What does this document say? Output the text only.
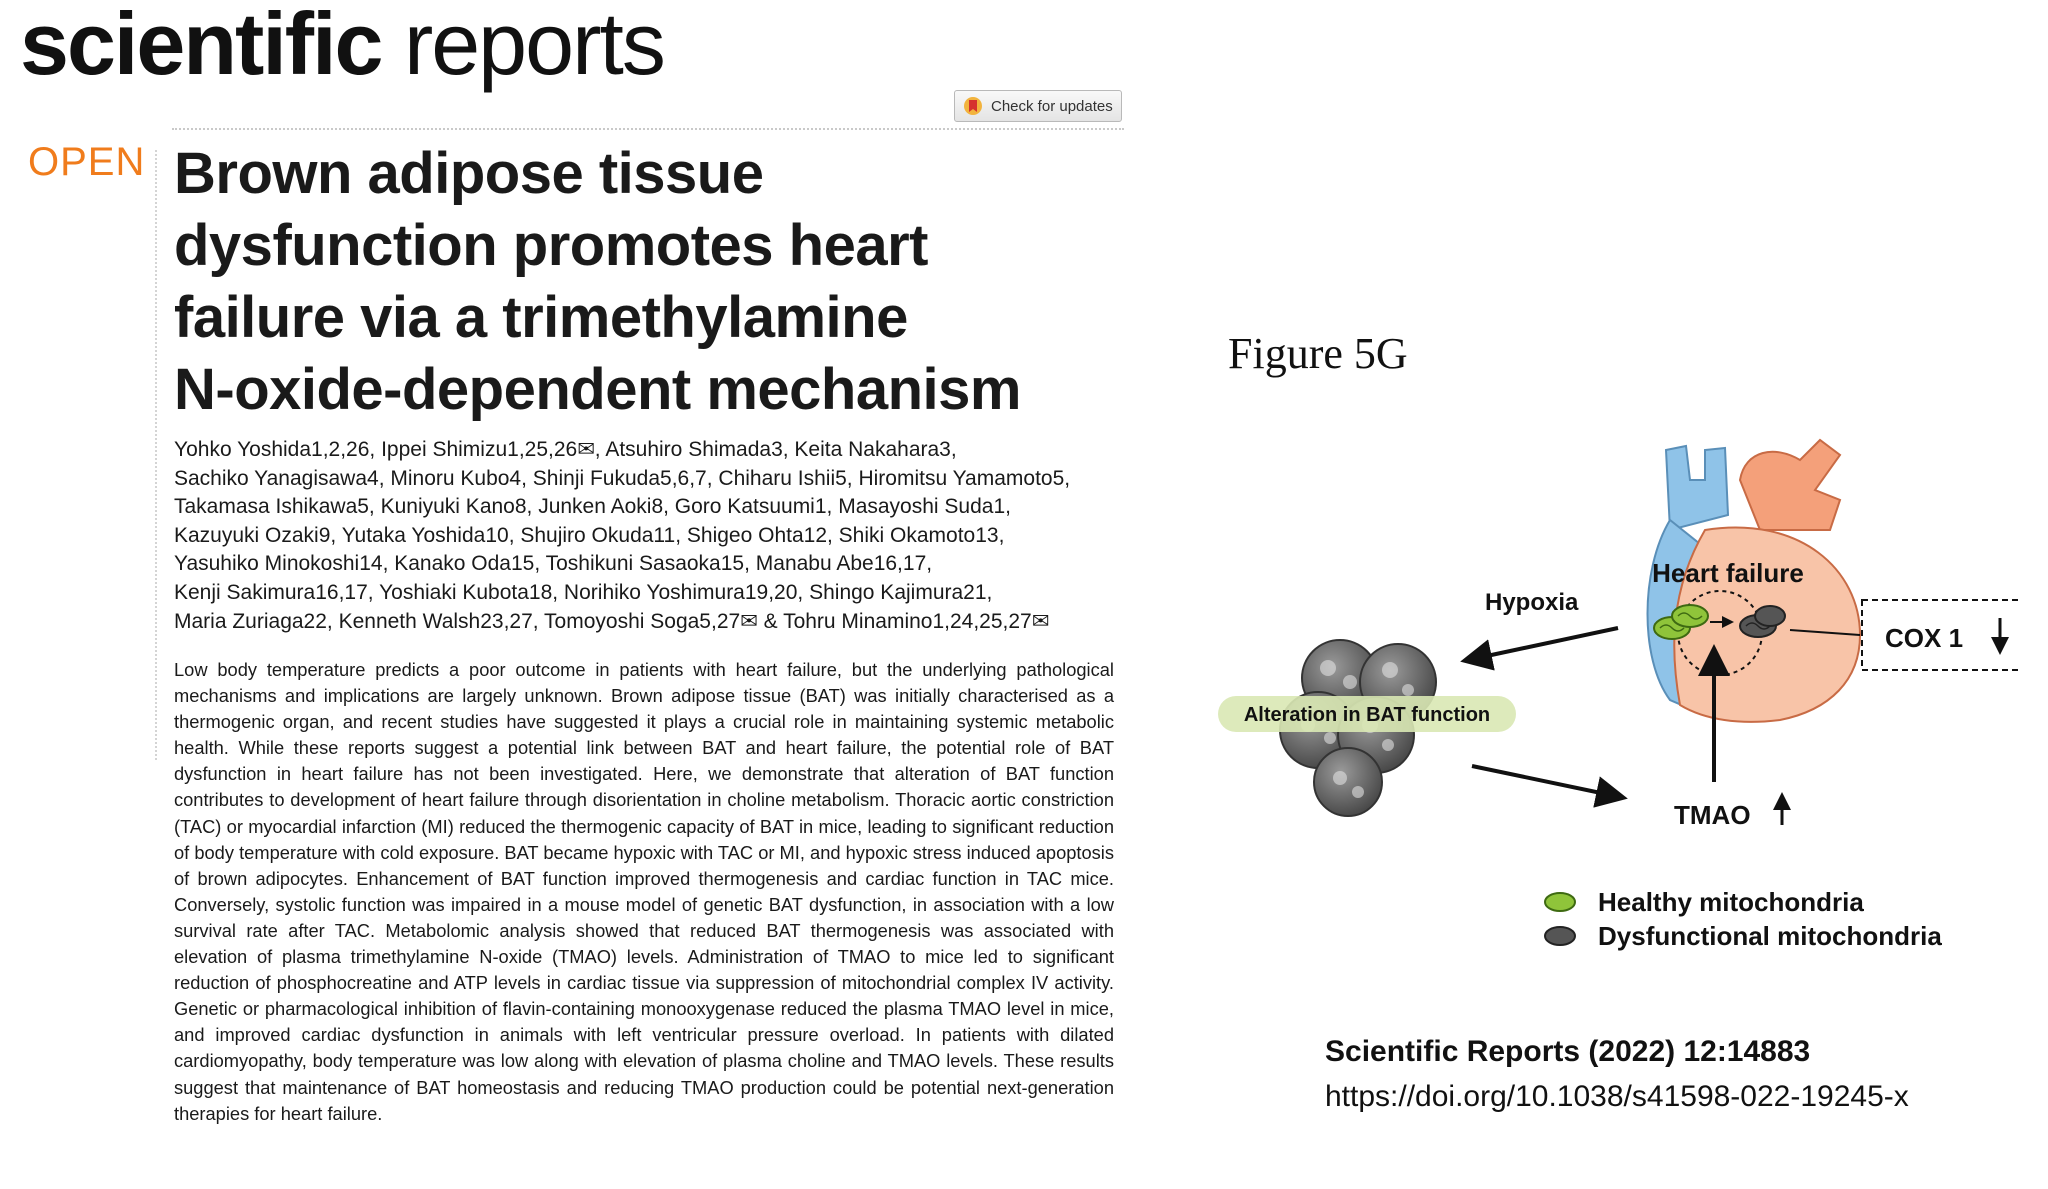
scientific reports
Check for updates
OPEN Brown adipose tissue
dysfunction promotes heart
failure via a trimethylamine
N-oxide-dependent mechanism
Yohko Yoshida1,2,26, Ippei Shimizu1,25,26✉, Atsuhiro Shimada3, Keita Nakahara3,
Sachiko Yanagisawa4, Minoru Kubo4, Shinji Fukuda5,6,7, Chiharu Ishii5, Hiromitsu Yamamoto5,
Takamasa Ishikawa5, Kuniyuki Kano8, Junken Aoki8, Goro Katsuumi1, Masayoshi Suda1,
Kazuyuki Ozaki9, Yutaka Yoshida10, Shujiro Okuda11, Shigeo Ohta12, Shiki Okamoto13,
Yasuhiko Minokoshi14, Kanako Oda15, Toshikuni Sasaoka15, Manabu Abe16,17,
Kenji Sakimura16,17, Yoshiaki Kubota18, Norihiko Yoshimura19,20, Shingo Kajimura21,
Maria Zuriaga22, Kenneth Walsh23,27, Tomoyoshi Soga5,27✉ & Tohru Minamino1,24,25,27✉

Low body temperature predicts a poor outcome in patients with heart failure, but the underlying pathological mechanisms and implications are largely unknown. Brown adipose tissue (BAT) was initially characterised as a thermogenic organ, and recent studies have suggested it plays a crucial role in maintaining systemic metabolic health. While these reports suggest a potential link between BAT and heart failure, the potential role of BAT dysfunction in heart failure has not been investigated. Here, we demonstrate that alteration of BAT function contributes to development of heart failure through disorientation in choline metabolism. Thoracic aortic constriction (TAC) or myocardial infarction (MI) reduced the thermogenic capacity of BAT in mice, leading to significant reduction of body temperature with cold exposure. BAT became hypoxic with TAC or MI, and hypoxic stress induced apoptosis of brown adipocytes. Enhancement of BAT function improved thermogenesis and cardiac function in TAC mice. Conversely, systolic function was impaired in a mouse model of genetic BAT dysfunction, in association with a low survival rate after TAC. Metabolomic analysis showed that reduced BAT thermogenesis was associated with elevation of plasma trimethylamine N-oxide (TMAO) levels. Administration of TMAO to mice led to significant reduction of phosphocreatine and ATP levels in cardiac tissue via suppression of mitochondrial complex IV activity. Genetic or pharmacological inhibition of flavin-containing monooxygenase reduced the plasma TMAO level in mice, and improved cardiac dysfunction in animals with left ventricular pressure overload. In patients with dilated cardiomyopathy, body temperature was low along with elevation of plasma choline and TMAO levels. These results suggest that maintenance of BAT homeostasis and reducing TMAO production could be potential next-generation therapies for heart failure.

Figure 5G
Heart failure
COX 1
Hypoxia
Alteration in BAT function
TMAO
Healthy mitochondria
Dysfunctional mitochondria
Scientific Reports (2022) 12:14883
https://doi.org/10.1038/s41598-022-19245-x
